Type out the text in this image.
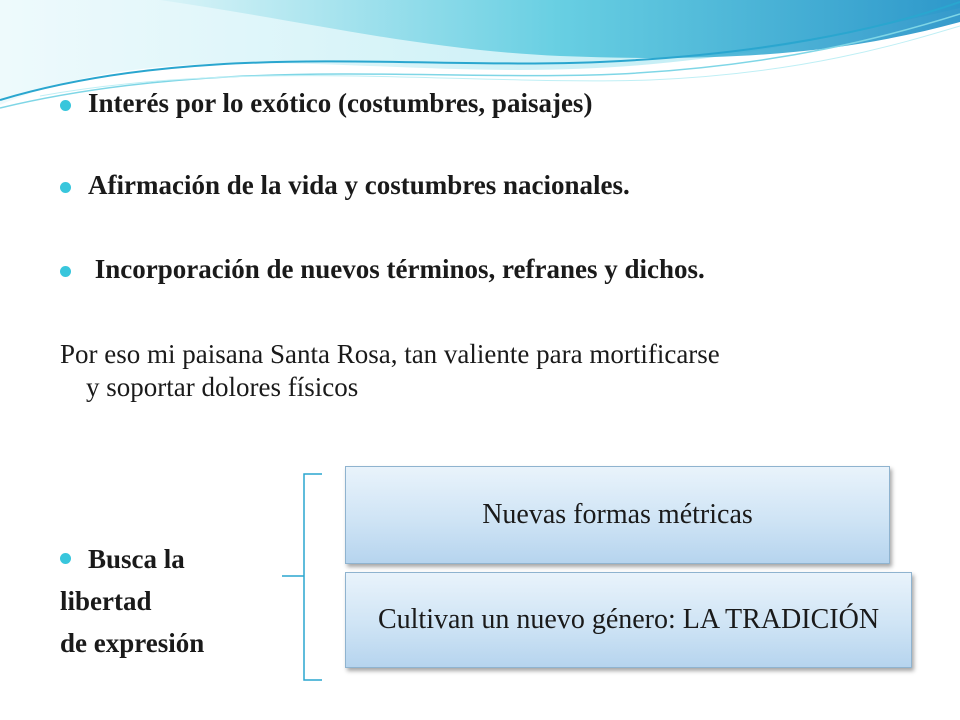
Interés por lo exótico (costumbres, paisajes)
Afirmación de la vida y costumbres nacionales.
Incorporación de nuevos términos, refranes y dichos.
Por eso mi paisana Santa Rosa, tan valiente para mortificarse
y soportar dolores físicos
Busca la
libertad
de expresión
Nuevas formas métricas
Cultivan un nuevo género: LA TRADICIÓN
